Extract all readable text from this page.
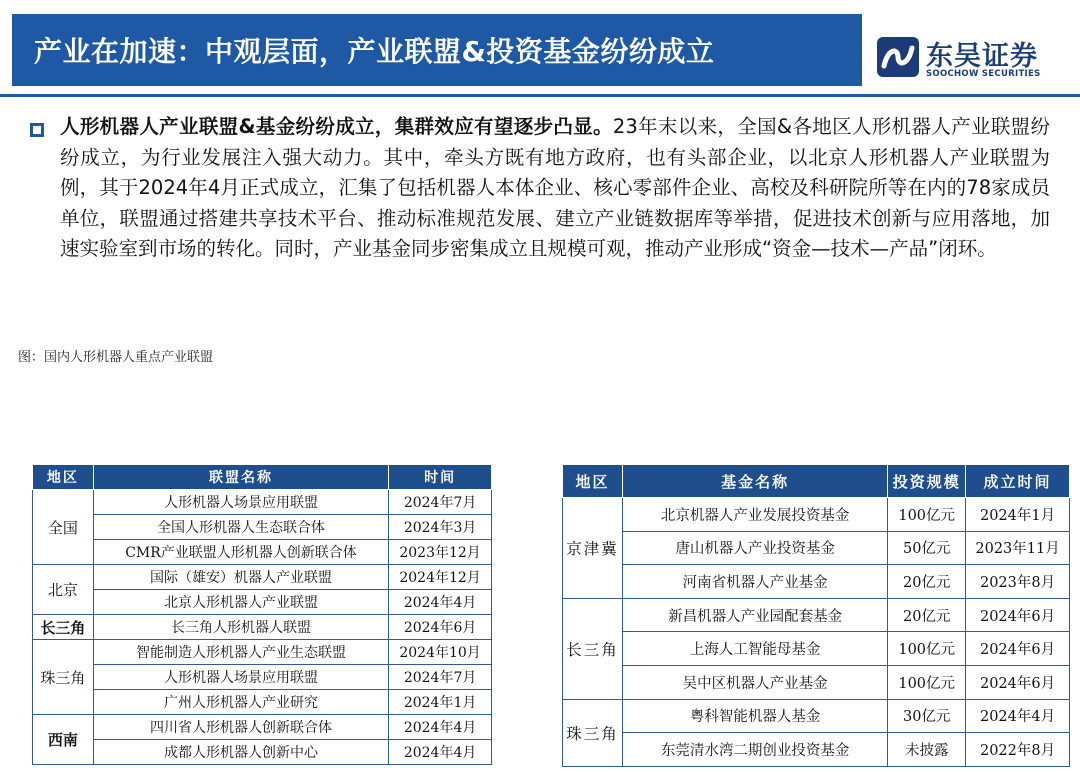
产业在加速：中观层面，产业联盟&投资基金纷纷成立	东吴证券
SOOCHOW SECURITIES
人形机器人产业联盟&基金纷纷成立，集群效应有望逐步凸显。23年末以来，全国&各地区人形机器人产业联盟纷纷成立，为行业发展注入强大动力。其中，牵头方既有地方政府，也有头部企业，以北京人形机器人产业联盟为例，其于2024年4月正式成立，汇集了包括机器人本体企业、核心零部件企业、高校及科研院所等在内的78家成员单位，联盟通过搭建共享技术平台、推动标准规范发展、建立产业链数据库等举措，促进技术创新与应用落地，加速实验室到市场的转化。同时，产业基金同步密集成立且规模可观，推动产业形成“资金—技术—产品”闭环。
图：国内人形机器人重点产业联盟
地区	联盟名称	时间
全国	人形机器人场景应用联盟	2024年7月
	全国人形机器人生态联合体	2024年3月
	CMR产业联盟人形机器人创新联合体	2023年12月
北京	国际（雄安）机器人产业联盟	2024年12月
	北京人形机器人产业联盟	2024年4月
长三角	长三角人形机器人联盟	2024年6月
珠三角	智能制造人形机器人产业生态联盟	2024年10月
	人形机器人场景应用联盟	2024年7月
	广州人形机器人产业研究	2024年1月
西南	四川省人形机器人创新联合体	2024年4月
	成都人形机器人创新中心	2024年4月
地区	基金名称	投资规模	成立时间
京津冀	北京机器人产业发展投资基金	100亿元	2024年1月
	唐山机器人产业投资基金	50亿元	2023年11月
	河南省机器人产业基金	20亿元	2023年8月
长三角	新昌机器人产业园配套基金	20亿元	2024年6月
	上海人工智能母基金	100亿元	2024年6月
	吴中区机器人产业基金	100亿元	2024年6月
珠三角	粤科智能机器人基金	30亿元	2024年4月
	东莞清水湾二期创业投资基金	未披露	2022年8月
